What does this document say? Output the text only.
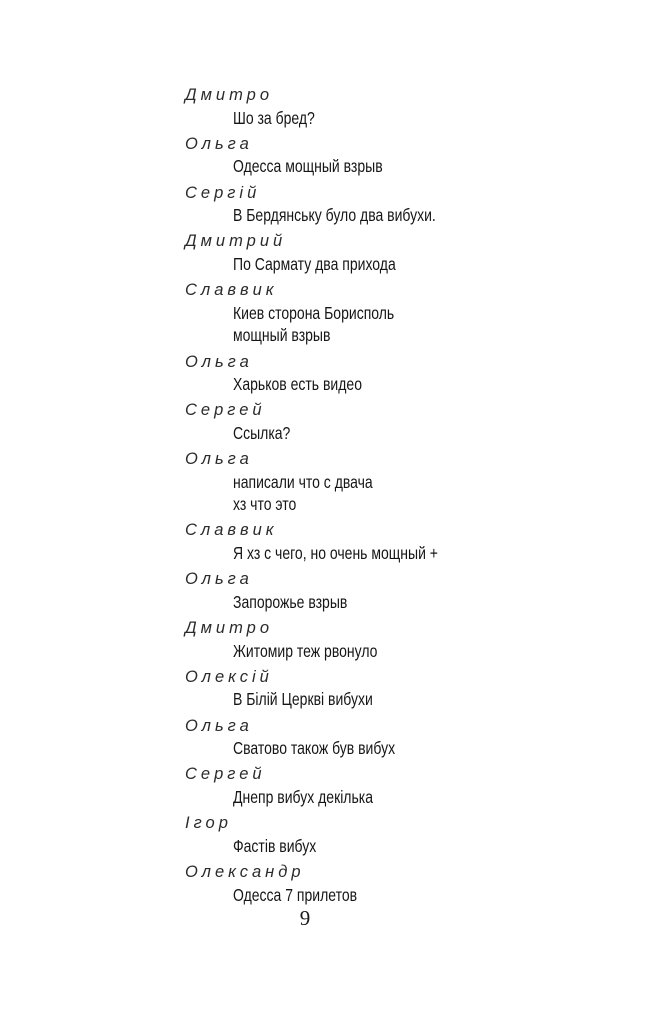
Дмитро
Шо за бред?
Ольга
Одесса мощный взрыв
Сергій
В Бердянську було два вибухи.
Дмитрий
По Сармату два прихода
Славвик
Киев сторона Борисполь
мощный взрыв
Ольга
Харьков есть видео
Сергей
Ссылка?
Ольга
написали что с двача
хз что это
Славвик
Я хз с чего, но очень мощный +
Ольга
Запорожье взрыв
Дмитро
Житомир теж рвонуло
Олексій
В Білій Церкві вибухи
Ольга
Сватово також був вибух
Сергей
Днепр вибух декілька
Ігор
Фастів вибух
Олександр
Одесса 7 прилетов
9
